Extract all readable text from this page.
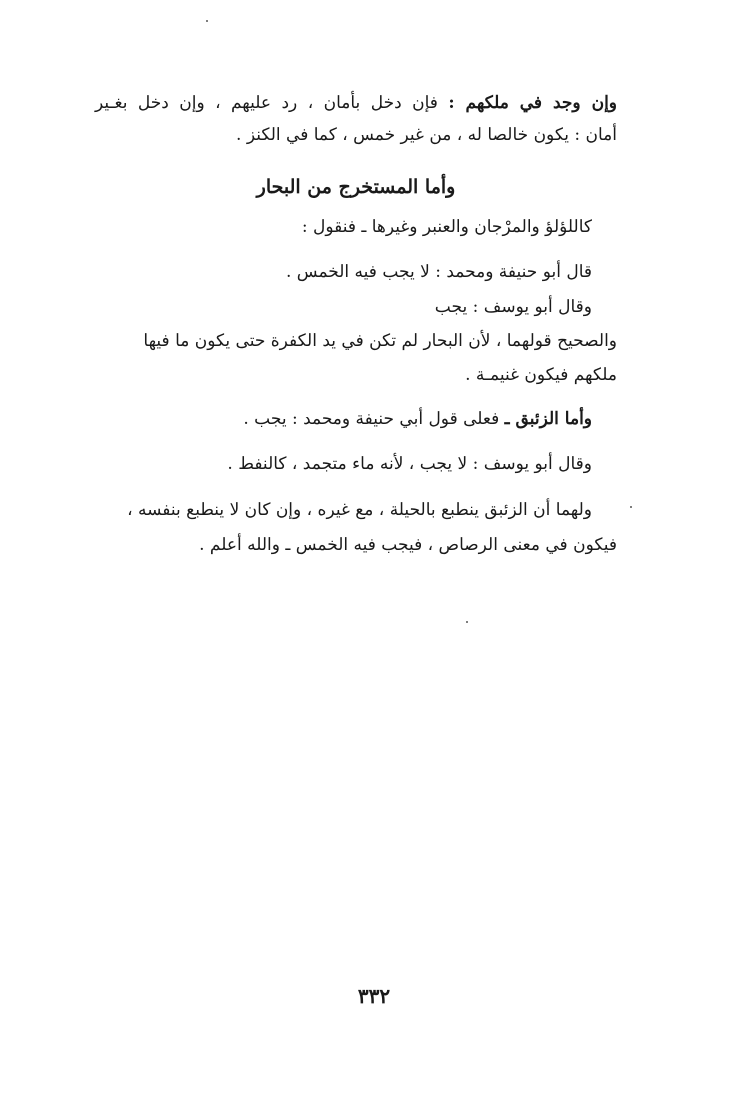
وإن وجد في ملكهم : فإن دخل بأمان ، رد عليهم ، وإن دخل بغـير
أمان : يكون خالصا له ، من غير خمس ، كما في الكنز .
وأما المستخرج من البحار
كاللؤلؤ والمرْجان والعنبر وغيرها ـ فنقول :
قال أبو حنيفة ومحمد : لا يجب فيه الخمس .
وقال أبو يوسف : يجب
والصحيح قولهما ، لأن البحار لم تكن في يد الكفرة حتى يكون ما فيها
ملكهم فيكون غنيمـة .
وأما الزئبق ـ فعلى قول أبي حنيفة ومحمد : يجب .
وقال أبو يوسف : لا يجب ، لأنه ماء متجمد ، كالنفط .
ولهما أن الزئبق ينطبع بالحيلة ، مع غيره ، وإن كان لا ينطبع بنفسه ،
فيكون في معنى الرصاص ، فيجب فيه الخمس ـ والله أعلم .
٣٣٢
